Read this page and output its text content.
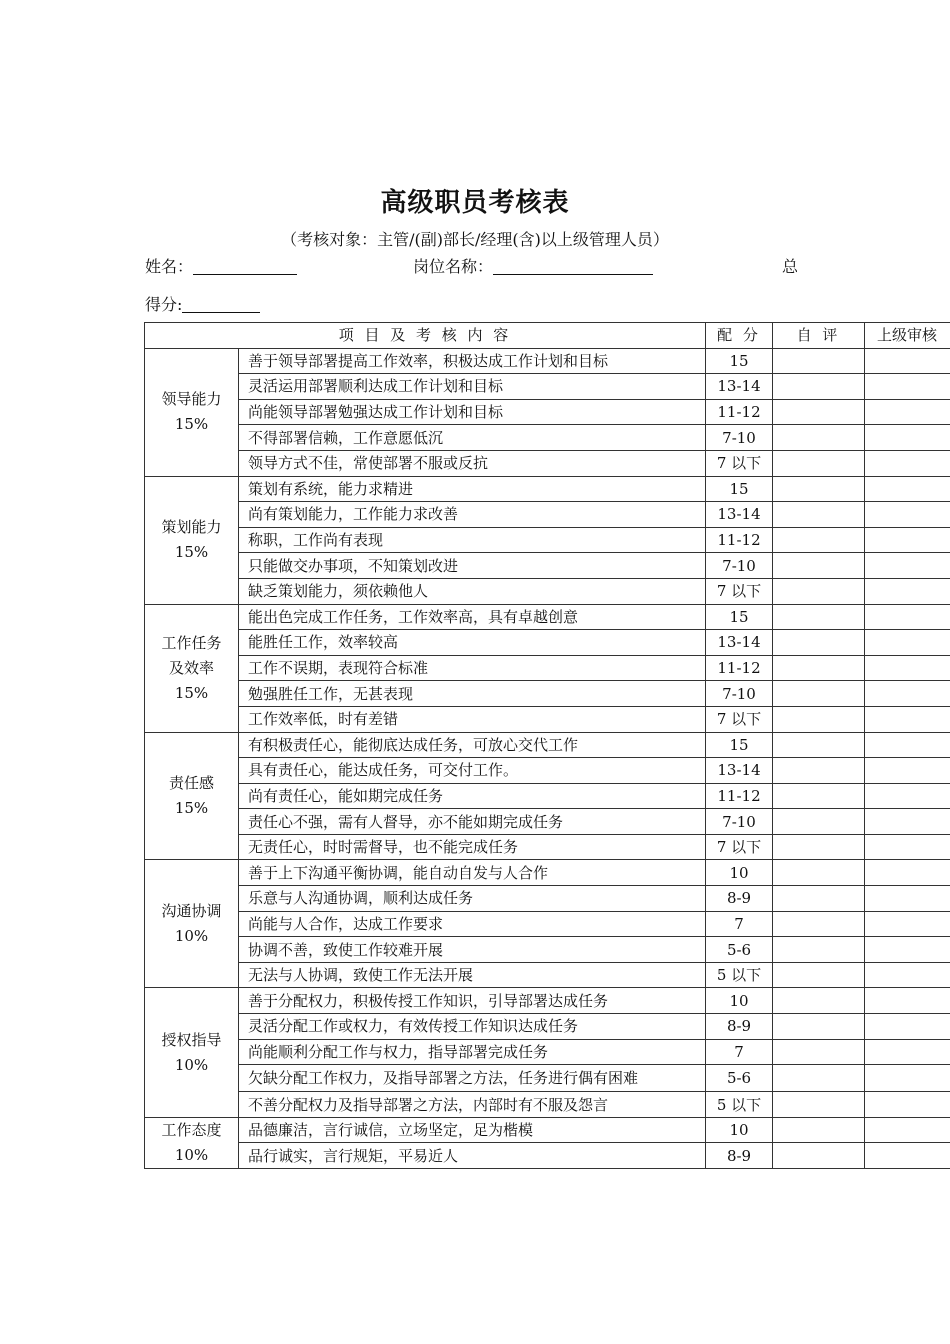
高级职员考核表
（考核对象：主管/(副)部长/经理(含)以上级管理人员）
姓名：	岗位名称：	总
得分:
项 目 及 考 核 内 容		配 分	自 评	上级审核

领导能力
15%	善于领导部署提高工作效率，积极达成工作计划和目标	15		
	灵活运用部署顺利达成工作计划和目标	13-14		
	尚能领导部署勉强达成工作计划和目标	11-12		
	不得部署信赖，工作意愿低沉	7-10		
	领导方式不佳，常使部署不服或反抗	7 以下		

策划能力
15%	策划有系统，能力求精进	15		
	尚有策划能力，工作能力求改善	13-14		
	称职，工作尚有表现	11-12		
	只能做交办事项，不知策划改进	7-10		
	缺乏策划能力，须依赖他人	7 以下		

工作任务
及效率
15%	能出色完成工作任务，工作效率高，具有卓越创意	15		
	能胜任工作，效率较高	13-14		
	工作不误期，表现符合标准	11-12		
	勉强胜任工作，无甚表现	7-10		
	工作效率低，时有差错	7 以下		

责任感
15%	有积极责任心，能彻底达成任务，可放心交代工作	15		
	具有责任心，能达成任务，可交付工作。	13-14		
	尚有责任心，能如期完成任务	11-12		
	责任心不强，需有人督导，亦不能如期完成任务	7-10		
	无责任心，时时需督导，也不能完成任务	7 以下		

沟通协调
10%	善于上下沟通平衡协调，能自动自发与人合作	10		
	乐意与人沟通协调，顺利达成任务	8-9		
	尚能与人合作，达成工作要求	7		
	协调不善，致使工作较难开展	5-6		
	无法与人协调，致使工作无法开展	5 以下		

授权指导
10%	善于分配权力，积极传授工作知识，引导部署达成任务	10		
	灵活分配工作或权力，有效传授工作知识达成任务	8-9		
	尚能顺利分配工作与权力，指导部署完成任务	7		
	欠缺分配工作权力，及指导部署之方法，任务进行偶有困难	5-6		
	不善分配权力及指导部署之方法，内部时有不服及怨言	5 以下		

工作态度
10%	品德廉洁，言行诚信，立场坚定，足为楷模	10		
	品行诚实，言行规矩，平易近人	8-9		
